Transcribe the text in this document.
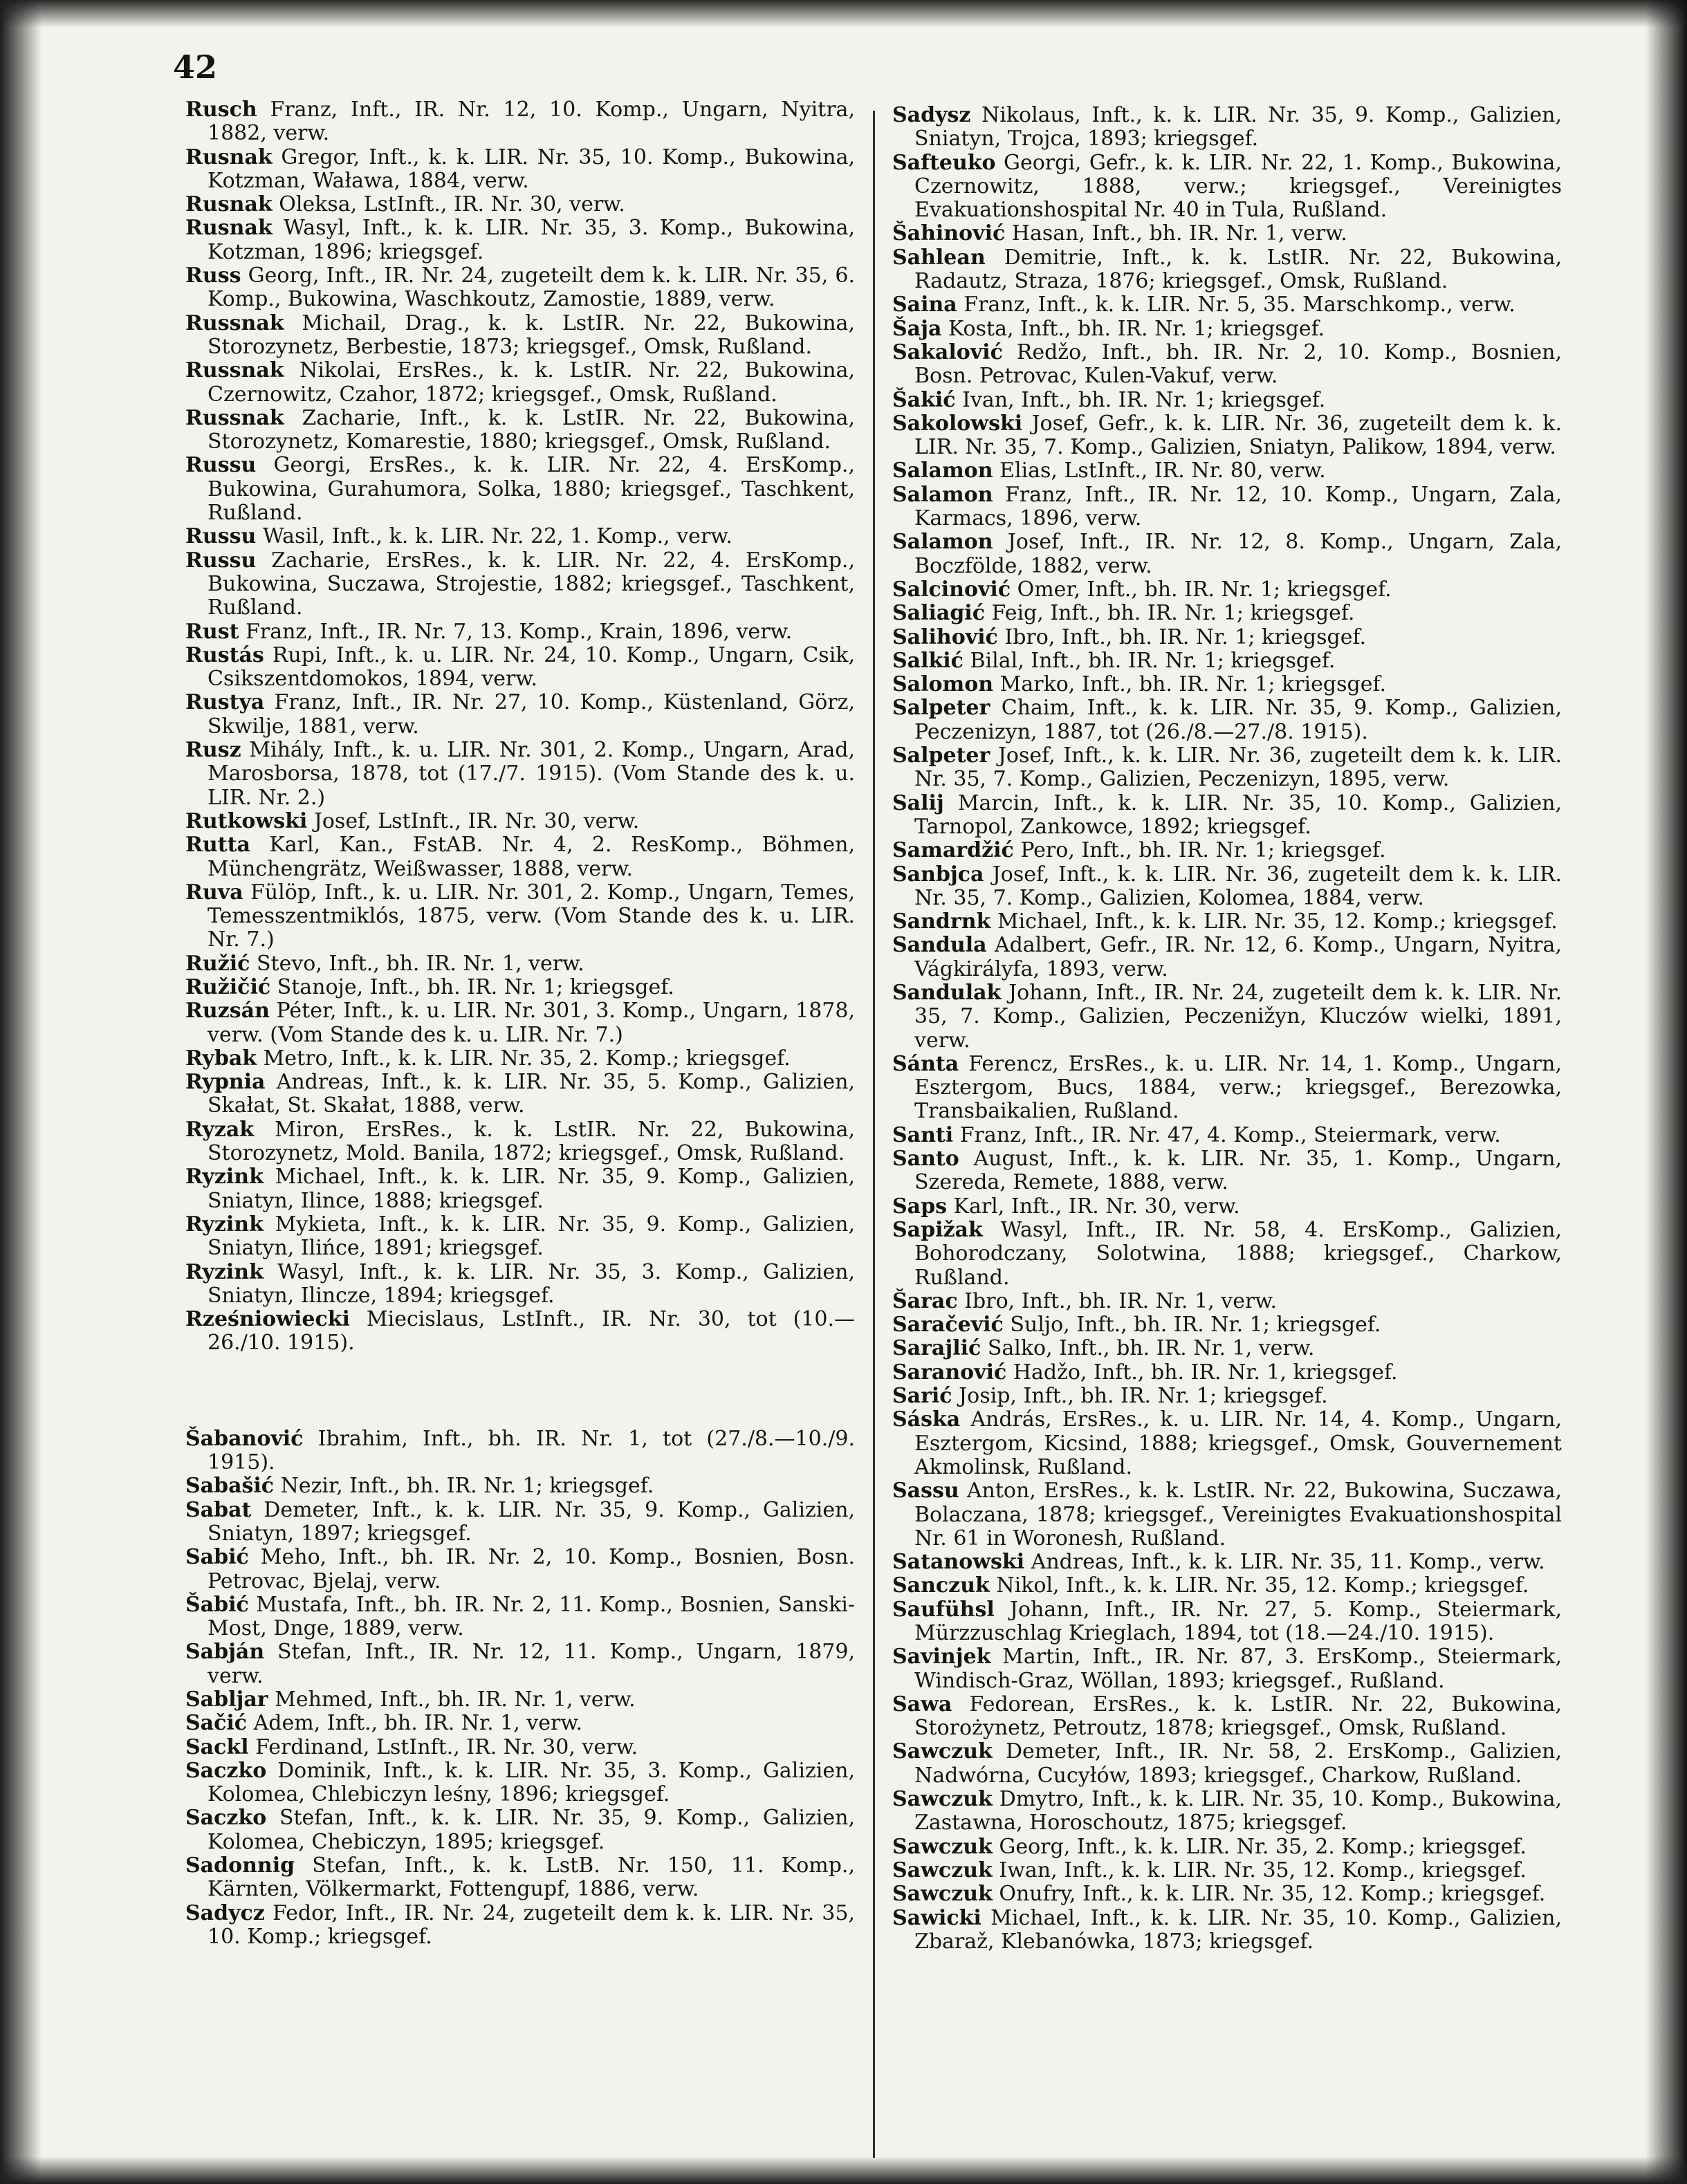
42

Rusch Franz, Inft., IR. Nr. 12, 10. Komp., Ungarn, Nyitra, 1882, verw.

Rusnak Gregor, Inft., k. k. LIR. Nr. 35, 10. Komp., Bukowina, Kotzman, Waława, 1884, verw.

Rusnak Oleksa, LstInft., IR. Nr. 30, verw.

Rusnak Wasyl, Inft., k. k. LIR. Nr. 35, 3. Komp., Bukowina, Kotzman, 1896; kriegsgef.

Russ Georg, Inft., IR. Nr. 24, zugeteilt dem k. k. LIR. Nr. 35, 6. Komp., Bukowina, Waschkoutz, Zamostie, 1889, verw.

Russnak Michail, Drag., k. k. LstIR. Nr. 22, Bukowina, Storozynetz, Berbestie, 1873; kriegsgef., Omsk, Rußland.

Russnak Nikolai, ErsRes., k. k. LstIR. Nr. 22, Bukowina, Czernowitz, Czahor, 1872; kriegsgef., Omsk, Rußland.

Russnak Zacharie, Inft., k. k. LstIR. Nr. 22, Bukowina, Storozynetz, Komarestie, 1880; kriegsgef., Omsk, Rußland.

Russu Georgi, ErsRes., k. k. LIR. Nr. 22, 4. ErsKomp., Bukowina, Gurahumora, Solka, 1880; kriegsgef., Taschkent, Rußland.

Russu Wasil, Inft., k. k. LIR. Nr. 22, 1. Komp., verw.

Russu Zacharie, ErsRes., k. k. LIR. Nr. 22, 4. ErsKomp., Bukowina, Suczawa, Strojestie, 1882; kriegsgef., Taschkent, Rußland.

Rust Franz, Inft., IR. Nr. 7, 13. Komp., Krain, 1896, verw.

Rustás Rupi, Inft., k. u. LIR. Nr. 24, 10. Komp., Ungarn, Csik, Csikszentdomokos, 1894, verw.

Rustya Franz, Inft., IR. Nr. 27, 10. Komp., Küstenland, Görz, Skwilje, 1881, verw.

Rusz Mihály, Inft., k. u. LIR. Nr. 301, 2. Komp., Ungarn, Arad, Marosborsa, 1878, tot (17./7. 1915). (Vom Stande des k. u. LIR. Nr. 2.)

Rutkowski Josef, LstInft., IR. Nr. 30, verw.

Rutta Karl, Kan., FstAB. Nr. 4, 2. ResKomp., Böhmen, Münchengrätz, Weißwasser, 1888, verw.

Ruva Fülöp, Inft., k. u. LIR. Nr. 301, 2. Komp., Ungarn, Temes, Temesszentmiklós, 1875, verw. (Vom Stande des k. u. LIR. Nr. 7.)

Ružić Stevo, Inft., bh. IR. Nr. 1, verw.

Ružičić Stanoje, Inft., bh. IR. Nr. 1; kriegsgef.

Ruzsán Péter, Inft., k. u. LIR. Nr. 301, 3. Komp., Ungarn, 1878, verw. (Vom Stande des k. u. LIR. Nr. 7.)

Rybak Metro, Inft., k. k. LIR. Nr. 35, 2. Komp.; kriegsgef.

Rypnia Andreas, Inft., k. k. LIR. Nr. 35, 5. Komp., Galizien, Skałat, St. Skałat, 1888, verw.

Ryzak Miron, ErsRes., k. k. LstIR. Nr. 22, Bukowina, Storozynetz, Mold. Banila, 1872; kriegsgef., Omsk, Rußland.

Ryzink Michael, Inft., k. k. LIR. Nr. 35, 9. Komp., Galizien, Sniatyn, Ilince, 1888; kriegsgef.

Ryzink Mykieta, Inft., k. k. LIR. Nr. 35, 9. Komp., Galizien, Sniatyn, Ilińce, 1891; kriegsgef.

Ryzink Wasyl, Inft., k. k. LIR. Nr. 35, 3. Komp., Galizien, Sniatyn, Ilincze, 1894; kriegsgef.

Rześniowiecki Miecislaus, LstInft., IR. Nr. 30, tot (10.—26./10. 1915).

Šabanović Ibrahim, Inft., bh. IR. Nr. 1, tot (27./8.—10./9. 1915).

Sabašić Nezir, Inft., bh. IR. Nr. 1; kriegsgef.

Sabat Demeter, Inft., k. k. LIR. Nr. 35, 9. Komp., Galizien, Sniatyn, 1897; kriegsgef.

Sabić Meho, Inft., bh. IR. Nr. 2, 10. Komp., Bosnien, Bosn. Petrovac, Bjelaj, verw.

Šabić Mustafa, Inft., bh. IR. Nr. 2, 11. Komp., Bosnien, Sanski-Most, Dnge, 1889, verw.

Sabján Stefan, Inft., IR. Nr. 12, 11. Komp., Ungarn, 1879, verw.

Sabljar Mehmed, Inft., bh. IR. Nr. 1, verw.

Sačić Adem, Inft., bh. IR. Nr. 1, verw.

Sackl Ferdinand, LstInft., IR. Nr. 30, verw.

Saczko Dominik, Inft., k. k. LIR. Nr. 35, 3. Komp., Galizien, Kolomea, Chlebiczyn leśny, 1896; kriegsgef.

Saczko Stefan, Inft., k. k. LIR. Nr. 35, 9. Komp., Galizien, Kolomea, Chebiczyn, 1895; kriegsgef.

Sadonnig Stefan, Inft., k. k. LstB. Nr. 150, 11. Komp., Kärnten, Völkermarkt, Fottengupf, 1886, verw.

Sadycz Fedor, Inft., IR. Nr. 24, zugeteilt dem k. k. LIR. Nr. 35, 10. Komp.; kriegsgef.

Sadysz Nikolaus, Inft., k. k. LIR. Nr. 35, 9. Komp., Galizien, Sniatyn, Trojca, 1893; kriegsgef.

Safteuko Georgi, Gefr., k. k. LIR. Nr. 22, 1. Komp., Bukowina, Czernowitz, 1888, verw.; kriegsgef., Vereinigtes Evakuationshospital Nr. 40 in Tula, Rußland.

Šahinović Hasan, Inft., bh. IR. Nr. 1, verw.

Sahlean Demitrie, Inft., k. k. LstIR. Nr. 22, Bukowina, Radautz, Straza, 1876; kriegsgef., Omsk, Rußland.

Saina Franz, Inft., k. k. LIR. Nr. 5, 35. Marschkomp., verw.

Šaja Kosta, Inft., bh. IR. Nr. 1; kriegsgef.

Sakalović Redžo, Inft., bh. IR. Nr. 2, 10. Komp., Bosnien, Bosn. Petrovac, Kulen-Vakuf, verw.

Šakić Ivan, Inft., bh. IR. Nr. 1; kriegsgef.

Sakolowski Josef, Gefr., k. k. LIR. Nr. 36, zugeteilt dem k. k. LIR. Nr. 35, 7. Komp., Galizien, Sniatyn, Palikow, 1894, verw.

Salamon Elias, LstInft., IR. Nr. 80, verw.

Salamon Franz, Inft., IR. Nr. 12, 10. Komp., Ungarn, Zala, Karmacs, 1896, verw.

Salamon Josef, Inft., IR. Nr. 12, 8. Komp., Ungarn, Zala, Boczfölde, 1882, verw.

Salcinović Omer, Inft., bh. IR. Nr. 1; kriegsgef.

Saliagić Feig, Inft., bh. IR. Nr. 1; kriegsgef.

Salihović Ibro, Inft., bh. IR. Nr. 1; kriegsgef.

Salkić Bilal, Inft., bh. IR. Nr. 1; kriegsgef.

Salomon Marko, Inft., bh. IR. Nr. 1; kriegsgef.

Salpeter Chaim, Inft., k. k. LIR. Nr. 35, 9. Komp., Galizien, Peczenizyn, 1887, tot (26./8.—27./8. 1915).

Salpeter Josef, Inft., k. k. LIR. Nr. 36, zugeteilt dem k. k. LIR. Nr. 35, 7. Komp., Galizien, Peczenizyn, 1895, verw.

Salij Marcin, Inft., k. k. LIR. Nr. 35, 10. Komp., Galizien, Tarnopol, Zankowce, 1892; kriegsgef.

Samardžić Pero, Inft., bh. IR. Nr. 1; kriegsgef.

Sanbjca Josef, Inft., k. k. LIR. Nr. 36, zugeteilt dem k. k. LIR. Nr. 35, 7. Komp., Galizien, Kolomea, 1884, verw.

Sandrnk Michael, Inft., k. k. LIR. Nr. 35, 12. Komp.; kriegsgef.

Sandula Adalbert, Gefr., IR. Nr. 12, 6. Komp., Ungarn, Nyitra, Vágkirályfa, 1893, verw.

Sandulak Johann, Inft., IR. Nr. 24, zugeteilt dem k. k. LIR. Nr. 35, 7. Komp., Galizien, Peczenižyn, Kluczów wielki, 1891, verw.

Sánta Ferencz, ErsRes., k. u. LIR. Nr. 14, 1. Komp., Ungarn, Esztergom, Bucs, 1884, verw.; kriegsgef., Berezowka, Transbaikalien, Rußland.

Santi Franz, Inft., IR. Nr. 47, 4. Komp., Steiermark, verw.

Santo August, Inft., k. k. LIR. Nr. 35, 1. Komp., Ungarn, Szereda, Remete, 1888, verw.

Saps Karl, Inft., IR. Nr. 30, verw.

Sapižak Wasyl, Inft., IR. Nr. 58, 4. ErsKomp., Galizien, Bohorodczany, Solotwina, 1888; kriegsgef., Charkow, Rußland.

Šarac Ibro, Inft., bh. IR. Nr. 1, verw.

Saračević Suljo, Inft., bh. IR. Nr. 1; kriegsgef.

Sarajlić Salko, Inft., bh. IR. Nr. 1, verw.

Saranović Hadžo, Inft., bh. IR. Nr. 1, kriegsgef.

Sarić Josip, Inft., bh. IR. Nr. 1; kriegsgef.

Sáska András, ErsRes., k. u. LIR. Nr. 14, 4. Komp., Ungarn, Esztergom, Kicsind, 1888; kriegsgef., Omsk, Gouvernement Akmolinsk, Rußland.

Sassu Anton, ErsRes., k. k. LstIR. Nr. 22, Bukowina, Suczawa, Bolaczana, 1878; kriegsgef., Vereinigtes Evakuationshospital Nr. 61 in Woronesh, Rußland.

Satanowski Andreas, Inft., k. k. LIR. Nr. 35, 11. Komp., verw.

Sanczuk Nikol, Inft., k. k. LIR. Nr. 35, 12. Komp.; kriegsgef.

Saufühsl Johann, Inft., IR. Nr. 27, 5. Komp., Steiermark, Mürzzuschlag Krieglach, 1894, tot (18.—24./10. 1915).

Savinjek Martin, Inft., IR. Nr. 87, 3. ErsKomp., Steiermark, Windisch-Graz, Wöllan, 1893; kriegsgef., Rußland.

Sawa Fedorean, ErsRes., k. k. LstIR. Nr. 22, Bukowina, Storożynetz, Petroutz, 1878; kriegsgef., Omsk, Rußland.

Sawczuk Demeter, Inft., IR. Nr. 58, 2. ErsKomp., Galizien, Nadwórna, Cucyłów, 1893; kriegsgef., Charkow, Rußland.

Sawczuk Dmytro, Inft., k. k. LIR. Nr. 35, 10. Komp., Bukowina, Zastawna, Horoschoutz, 1875; kriegsgef.

Sawczuk Georg, Inft., k. k. LIR. Nr. 35, 2. Komp.; kriegsgef.

Sawczuk Iwan, Inft., k. k. LIR. Nr. 35, 12. Komp., kriegsgef.

Sawczuk Onufry, Inft., k. k. LIR. Nr. 35, 12. Komp.; kriegsgef.

Sawicki Michael, Inft., k. k. LIR. Nr. 35, 10. Komp., Galizien, Zbaraž, Klebanówka, 1873; kriegsgef.
